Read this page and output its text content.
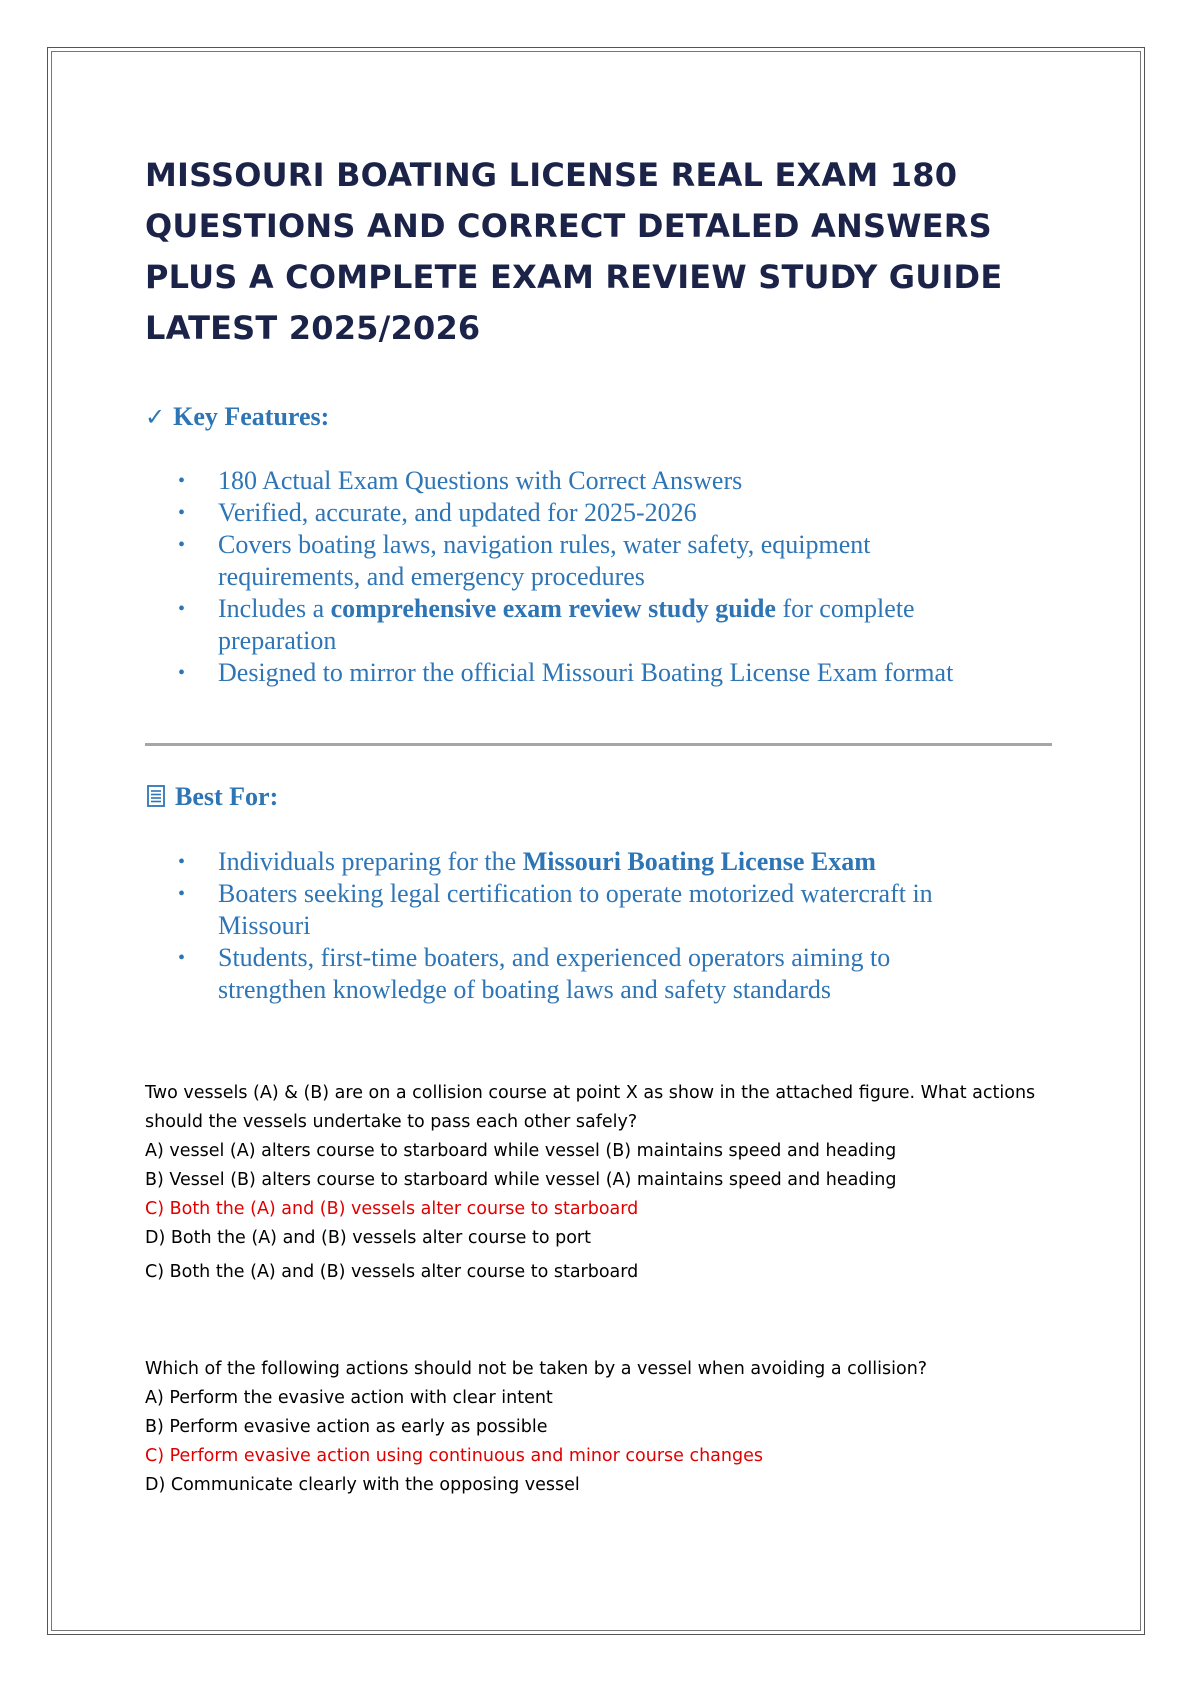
MISSOURI BOATING LICENSE REAL EXAM 180
QUESTIONS AND CORRECT DETALED ANSWERS
PLUS A COMPLETE EXAM REVIEW STUDY GUIDE
LATEST 2025/2026
✓ Key Features:
• 180 Actual Exam Questions with Correct Answers
• Verified, accurate, and updated for 2025-2026
• Covers boating laws, navigation rules, water safety, equipment
requirements, and emergency procedures
• Includes a comprehensive exam review study guide for complete
preparation
• Designed to mirror the official Missouri Boating License Exam format
Best For:
• Individuals preparing for the Missouri Boating License Exam
• Boaters seeking legal certification to operate motorized watercraft in
Missouri
• Students, first-time boaters, and experienced operators aiming to
strengthen knowledge of boating laws and safety standards
Two vessels (A) & (B) are on a collision course at point X as show in the attached figure. What actions
should the vessels undertake to pass each other safely?
A) vessel (A) alters course to starboard while vessel (B) maintains speed and heading
B) Vessel (B) alters course to starboard while vessel (A) maintains speed and heading
C) Both the (A) and (B) vessels alter course to starboard
D) Both the (A) and (B) vessels alter course to port

C) Both the (A) and (B) vessels alter course to starboard

Which of the following actions should not be taken by a vessel when avoiding a collision?
A) Perform the evasive action with clear intent
B) Perform evasive action as early as possible
C) Perform evasive action using continuous and minor course changes
D) Communicate clearly with the opposing vessel
